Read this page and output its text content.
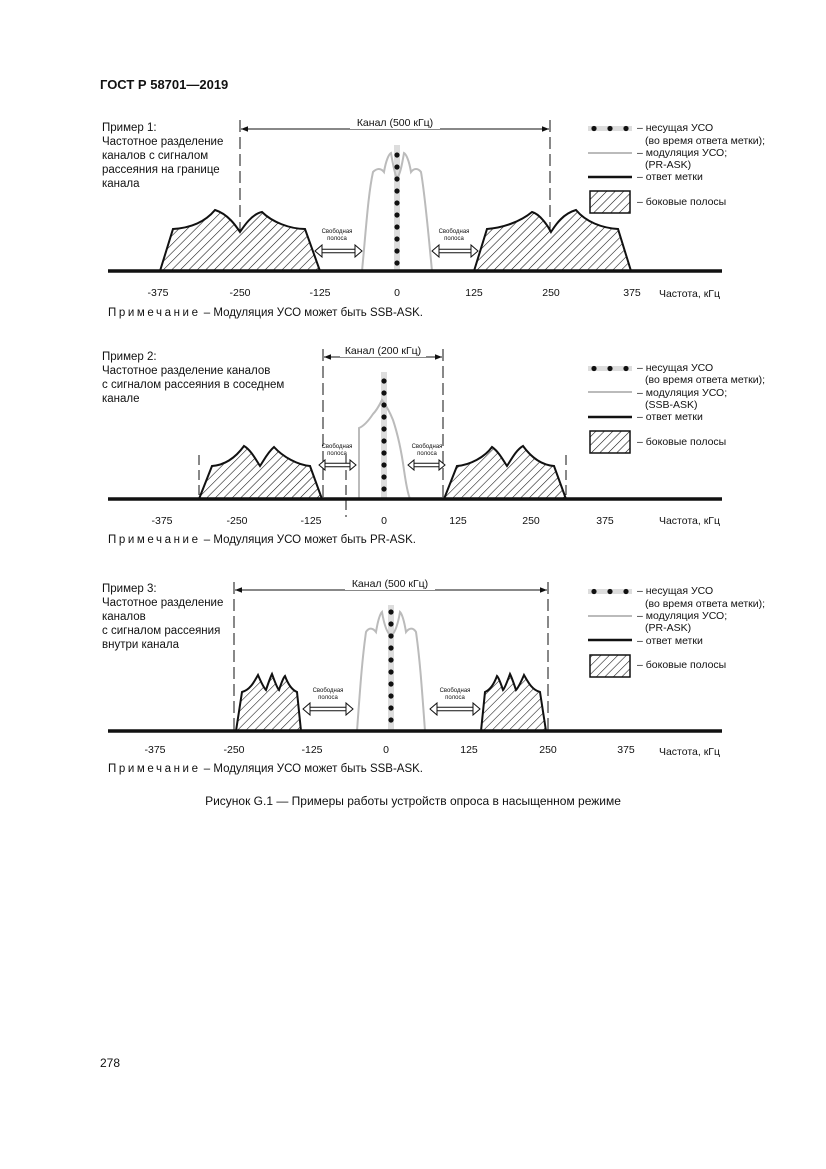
ГОСТ Р 58701—2019
Пример 1:
Частотное разделение
каналов с сигналом
рассеяния на границе
канала
Канал (500 кГц)
Свободная
полоса
Свободная
полоса
-375	-250	-125	0	125	250	375 Частота, кГц
– несущая УСО
(во время ответа метки);
– модуляция УСО;
(PR-ASK)
– ответ метки
– боковые полосы
Пример 2:
Частотное разделение каналов
с сигналом рассеяния в соседнем
канале
Канал (200 кГц)
Свободная
полоса
Свободная
полоса
-375	-250	-125	0	125	250	375	Частота, кГц
– несущая УСО
(во время ответа метки);
– модуляция УСО;
(SSB-ASK)
– ответ метки
– боковые полосы
Пример 3:
Частотное разделение
каналов
с сигналом рассеяния
внутри канала
Канал (500 кГц)
Свободная
полоса
Свободная
полоса
-375	-250	-125	0	125	250	375 Частота, кГц
– несущая УСО
(во время ответа метки);
– модуляция УСО;
(PR-ASK)
– ответ метки
– боковые полосы
Примечание – Модуляция УСО может быть SSB-ASK.
Примечание – Модуляция УСО может быть PR-ASK.
Примечание – Модуляция УСО может быть SSB-ASK.
Рисунок G.1 — Примеры работы устройств опроса в насыщенном режиме
278
